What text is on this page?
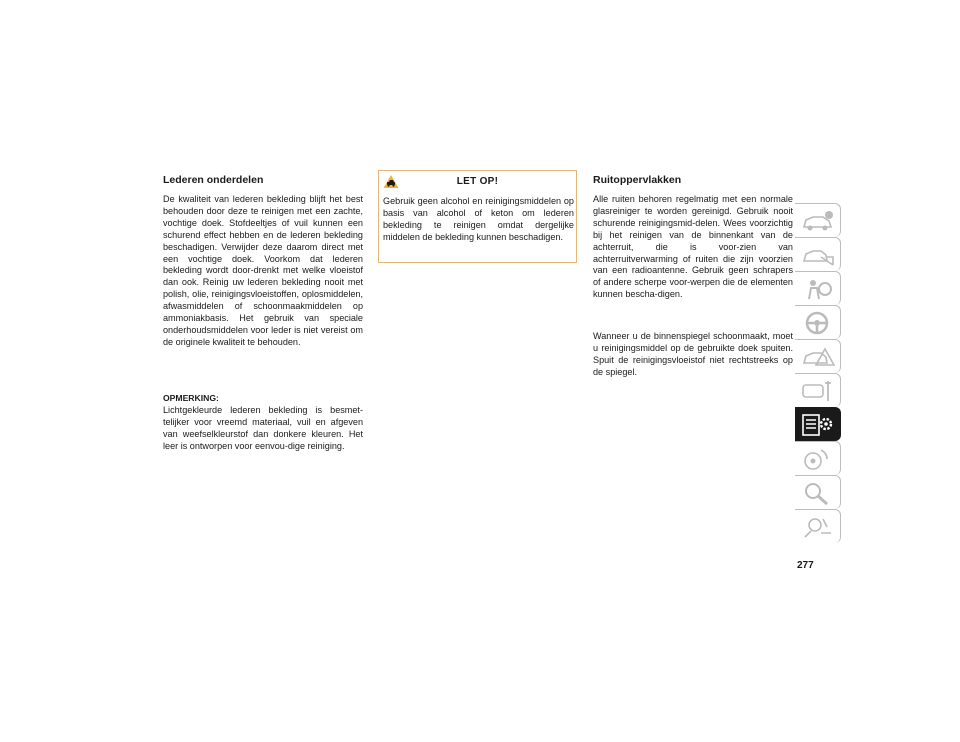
Lederen onderdelen

De kwaliteit van lederen bekleding blijft het best behouden door deze te reinigen met een zachte, vochtige doek. Stofdeeltjes of vuil kunnen een schurend effect hebben en de lederen bekleding beschadigen. Verwijder deze daarom direct met een vochtige doek. Voorkom dat lederen bekleding wordt door-drenkt met welke vloeistof dan ook. Reinig uw lederen bekleding nooit met polish, olie, reinigingsvloeistoffen, oplosmiddelen, afwasmiddelen of schoonmaakmiddelen op ammoniakbasis. Het gebruik van speciale onderhoudsmiddelen voor leder is niet vereist om de originele kwaliteit te behouden.

OPMERKING:

Lichtgekleurde lederen bekleding is besmet-telijker voor vreemd materiaal, vuil en afgeven van weefselkleurstof dan donkere kleuren. Het leer is ontworpen voor eenvou-dige reiniging.

LET OP!

Gebruik geen alcohol en reinigingsmiddelen op basis van alcohol of keton om lederen bekleding te reinigen omdat dergelijke middelen de bekleding kunnen beschadigen.

Ruitoppervlakken

Alle ruiten behoren regelmatig met een normale glasreiniger te worden gereinigd. Gebruik nooit schurende reinigingsmid-delen. Wees voorzichtig bij het reinigen van de binnenkant van de achterruit, die is voor-zien van achterruitverwarming of ruiten die zijn voorzien van een radioantenne. Gebruik geen schrapers of andere scherpe voor-werpen die de elementen kunnen bescha-digen.

Wanneer u de binnenspiegel schoonmaakt, moet u reinigingsmiddel op de gebruikte doek spuiten. Spuit de reinigingsvloeistof niet rechtstreeks op de spiegel.

277
